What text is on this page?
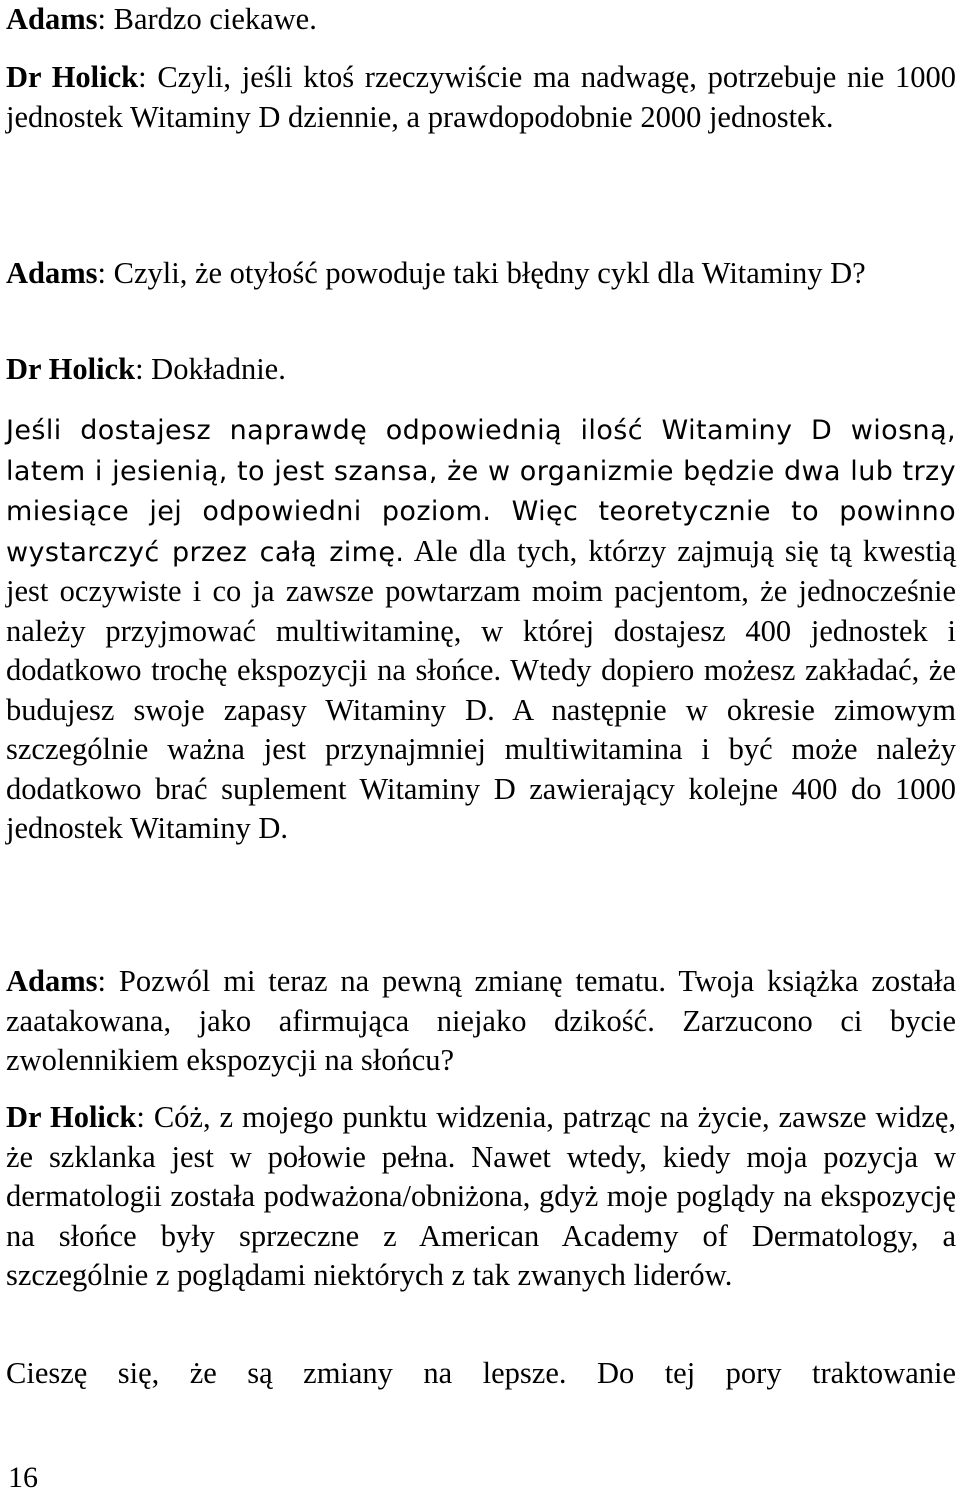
Adams: Bardzo ciekawe.

Dr Holick: Czyli, jeśli ktoś rzeczywiście ma nadwagę, potrzebuje nie 1000 jednostek Witaminy D dziennie, a prawdopodobnie 2000 jednostek.

Adams: Czyli, że otyłość powoduje taki błędny cykl dla Witaminy D?

Dr Holick: Dokładnie.

Jeśli dostajesz naprawdę odpowiednią ilość Witaminy D wiosną, latem i jesienią, to jest szansa, że w organizmie będzie dwa lub trzy miesiące jej odpowiedni poziom. Więc teoretycznie to powinno wystarczyć przez całą zimę. Ale dla tych, którzy zajmują się tą kwestią jest oczywiste i co ja zawsze powtarzam moim pacjentom, że jednocześnie należy przyjmować multiwitaminę, w której dostajesz 400 jednostek i dodatkowo trochę ekspozycji na słońce. Wtedy dopiero możesz zakładać, że budujesz swoje zapasy Witaminy D. A następnie w okresie zimowym szczególnie ważna jest przynajmniej multiwitamina i być może należy dodatkowo brać suplement Witaminy D zawierający kolejne 400 do 1000 jednostek Witaminy D.

Adams: Pozwól mi teraz na pewną zmianę tematu. Twoja książka została zaatakowana, jako afirmująca niejako dzikość. Zarzucono ci bycie zwolennikiem ekspozycji na słońcu?

Dr Holick: Cóż, z mojego punktu widzenia, patrząc na życie, zawsze widzę, że szklanka jest w połowie pełna. Nawet wtedy, kiedy moja pozycja w dermatologii została podważona/obniżona, gdyż moje poglądy na ekspozycję na słońce były sprzeczne z American Academy of Dermatology, a szczególnie z poglądami niektórych z tak zwanych liderów.

Cieszę się, że są zmiany na lepsze. Do tej pory traktowanie

16
